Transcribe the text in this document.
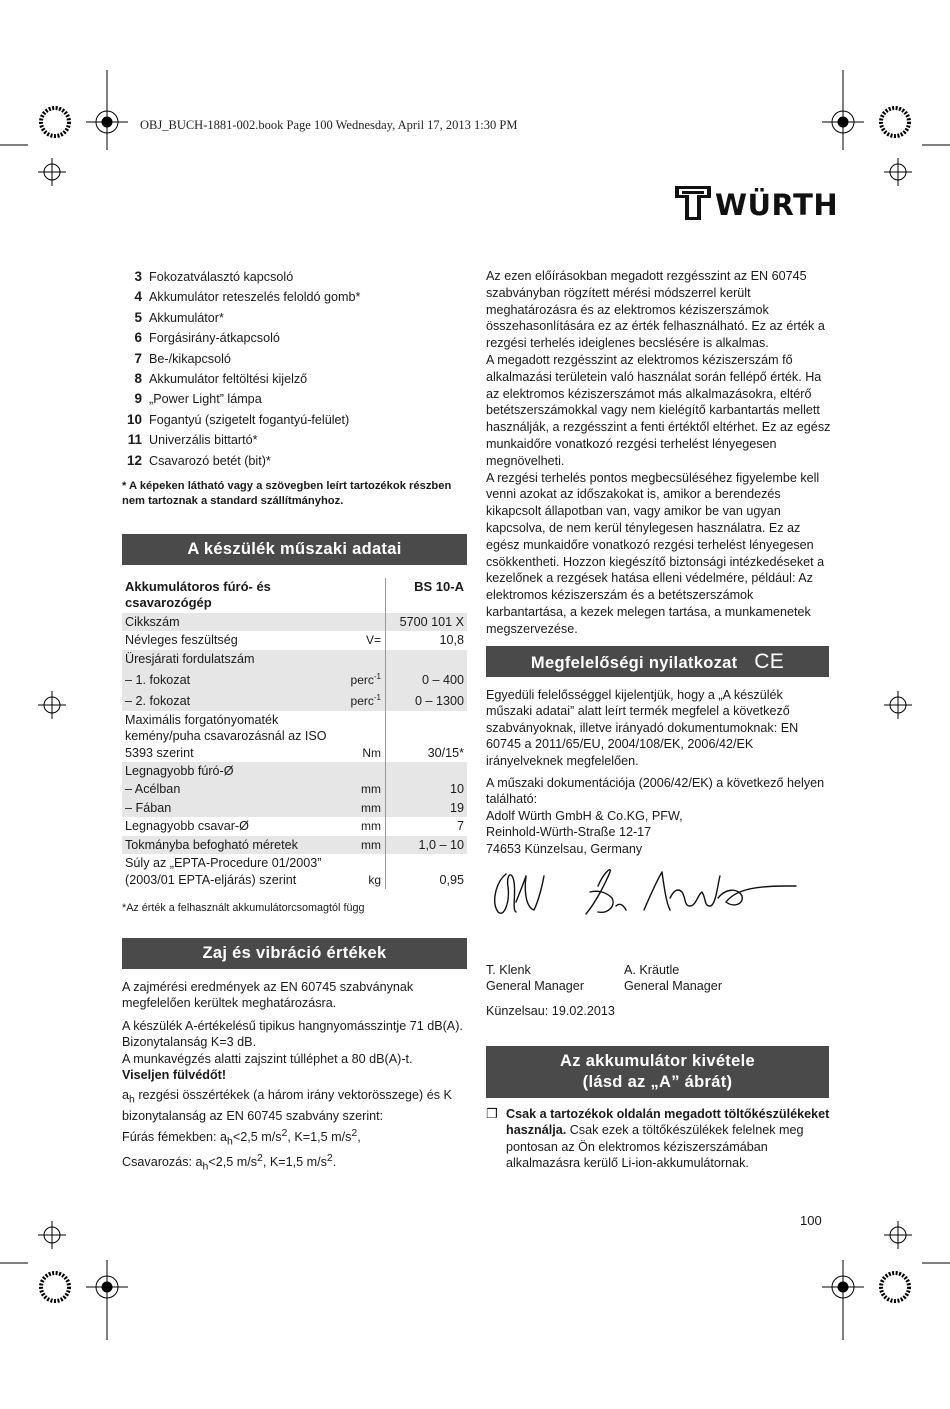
OBJ_BUCH-1881-002.book Page 100 Wednesday, April 17, 2013 1:30 PM
WÜRTH
3 Fokozatválasztó kapcsoló
4 Akkumulátor reteszelés feloldó gomb*
5 Akkumulátor*
6 Forgásirány-átkapcsoló
7 Be-/kikapcsoló
8 Akkumulátor feltöltési kijelző
9 „Power Light” lámpa
10 Fogantyú (szigetelt fogantyú-felület)
11 Univerzális bittartó*
12 Csavarozó betét (bit)*
* A képeken látható vagy a szövegben leírt tartozékok részben nem tartoznak a standard szállítmányhoz.
A készülék műszaki adatai
Akkumulátoros fúró- és csavarozógép		BS 10-A
Cikkszám		5700 101 X
Névleges feszültség	V=	10,8
Üresjárati fordulatszám		
– 1. fokozat	perc$^{-1}$	0 – 400
– 2. fokozat	perc$^{-1}$	0 – 1300
Maximális forgatónyomaték kemény/puha csavarozásnál az ISO 5393 szerint	Nm	30/15*
Legnagyobb fúró-Ø		
– Acélban	mm	10
– Fában	mm	19
Legnagyobb csavar-Ø	mm	7
Tokmányba befogható méretek	mm	1,0 – 10
Súly az „EPTA-Procedure 01/2003” (2003/01 EPTA-eljárás) szerint	kg	0,95
*Az érték a felhasznált akkumulátorcsomagtól függ
Zaj és vibráció értékek

A zajmérési eredmények az EN 60745 szabványnak megfelelően kerültek meghatározásra.

A készülék A-értékelésű tipikus hangnyomásszintje 71 dB(A). Bizonytalanság K=3 dB.
A munkavégzés alatti zajszint túlléphet a 80 dB(A)-t.
Viseljen fülvédőt!

$a_h$ rezgési összértékek (a három irány vektorösszege) és K bizonytalanság az EN 60745 szabvány szerint:
Fúrás fémekben: $a_h<2,5$ $m/s^2$, K=1,5 $m/s^2$,
Csavarozás: $a_h<2,5$ $m/s^2$, K=1,5 $m/s^2$.

Az ezen előírásokban megadott rezgésszint az EN 60745 szabványban rögzített mérési módszerrel került meghatározásra és az elektromos kéziszerszámok összehasonlítására ez az érték felhasználható. Ez az érték a rezgési terhelés ideiglenes becslésére is alkalmas.

A megadott rezgésszint az elektromos kéziszerszám fő alkalmazási területein való használat során fellépő érték. Ha az elektromos kéziszerszámot más alkalmazásokra, eltérő betétszerszámokkal vagy nem kielégítő karbantartás mellett használják, a rezgésszint a fenti értéktől eltérhet. Ez az egész munkaidőre vonatkozó rezgési terhelést lényegesen megnövelheti.

A rezgési terhelés pontos megbecsüléséhez figyelembe kell venni azokat az időszakokat is, amikor a berendezés kikapcsolt állapotban van, vagy amikor be van ugyan kapcsolva, de nem kerül ténylegesen használatra. Ez az egész munkaidőre vonatkozó rezgési terhelést lényegesen csökkentheti. Hozzon kiegészítő biztonsági intézkedéseket a kezelőnek a rezgések hatása elleni védelmére, például: Az elektromos kéziszerszám és a betétszerszámok karbantartása, a kezek melegen tartása, a munkamenetek megszervezése.

Megfelelőségi nyilatkozat CE

Egyedüli felelősséggel kijelentjük, hogy a „A készülék műszaki adatai” alatt leírt termék megfelel a következő szabványoknak, illetve irányadó dokumentumoknak: EN 60745 a 2011/65/EU, 2004/108/EK, 2006/42/EK irányelveknek megfelelően.

A műszaki dokumentációja (2006/42/EK) a következő helyen található:
Adolf Würth GmbH & Co.KG, PFW,
Reinhold-Würth-Straße 12-17
74653 Künzelsau, Germany

T. Klenk
General Manager
A. Kräutle
General Manager
Künzelsau: 19.02.2013
Az akkumulátor kivétele
(lásd az „A” ábrát)
❒ Csak a tartozékok oldalán megadott töltőkészülékeket használja. Csak ezek a töltőkészülékek felelnek meg pontosan az Ön elektromos kéziszerszámában alkalmazásra kerülő Li-ion-akkumulátornak.
100
